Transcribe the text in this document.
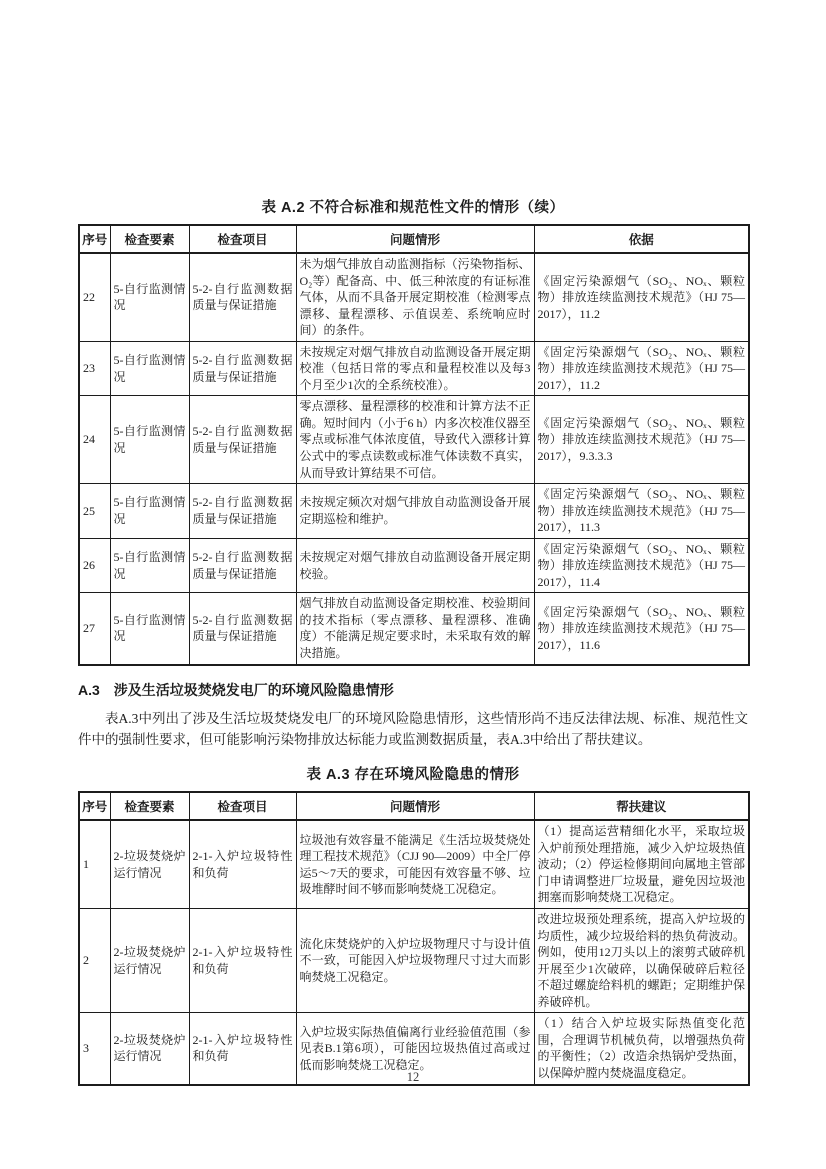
表 A.2 不符合标准和规范性文件的情形（续）
序号	检查要素	检查项目	问题情形	依据
22	5-自行监测情况	5-2-自行监测数据质量与保证措施	未为烟气排放自动监测指标（污染物指标、O₂等）配备高、中、低三种浓度的有证标准气体，从而不具备开展定期校准（检测零点漂移、量程漂移、示值误差、系统响应时间）的条件。	《固定污染源烟气（SO₂、NOₓ、颗粒物）排放连续监测技术规范》（HJ 75—2017），11.2
23	5-自行监测情况	5-2-自行监测数据质量与保证措施	未按规定对烟气排放自动监测设备开展定期校准（包括日常的零点和量程校准以及每3个月至少1次的全系统校准）。	《固定污染源烟气（SO₂、NOₓ、颗粒物）排放连续监测技术规范》（HJ 75—2017），11.2
24	5-自行监测情况	5-2-自行监测数据质量与保证措施	零点漂移、量程漂移的校准和计算方法不正确。短时间内（小于6 h）内多次校准仪器至零点或标准气体浓度值，导致代入漂移计算公式中的零点读数或标准气体读数不真实，从而导致计算结果不可信。	《固定污染源烟气（SO₂、NOₓ、颗粒物）排放连续监测技术规范》（HJ 75—2017），9.3.3.3
25	5-自行监测情况	5-2-自行监测数据质量与保证措施	未按规定频次对烟气排放自动监测设备开展定期巡检和维护。	《固定污染源烟气（SO₂、NOₓ、颗粒物）排放连续监测技术规范》（HJ 75—2017），11.3
26	5-自行监测情况	5-2-自行监测数据质量与保证措施	未按规定对烟气排放自动监测设备开展定期校验。	《固定污染源烟气（SO₂、NOₓ、颗粒物）排放连续监测技术规范》（HJ 75—2017），11.4
27	5-自行监测情况	5-2-自行监测数据质量与保证措施	烟气排放自动监测设备定期校准、校验期间的技术指标（零点漂移、量程漂移、准确度）不能满足规定要求时，未采取有效的解决措施。	《固定污染源烟气（SO₂、NOₓ、颗粒物）排放连续监测技术规范》（HJ 75—2017），11.6
A.3　涉及生活垃圾焚烧发电厂的环境风险隐患情形

表A.3中列出了涉及生活垃圾焚烧发电厂的环境风险隐患情形，这些情形尚不违反法律法规、标准、规范性文件中的强制性要求，但可能影响污染物排放达标能力或监测数据质量，表A.3中给出了帮扶建议。

表 A.3 存在环境风险隐患的情形
序号	检查要素	检查项目	问题情形	帮扶建议
1	2-垃圾焚烧炉运行情况	2-1-入炉垃圾特性和负荷	垃圾池有效容量不能满足《生活垃圾焚烧处理工程技术规范》（CJJ 90—2009）中全厂停运5～7天的要求，可能因有效容量不够、垃圾堆酵时间不够而影响焚烧工况稳定。	（1）提高运营精细化水平，采取垃圾入炉前预处理措施，减少入炉垃圾热值波动；（2）停运检修期间向属地主管部门申请调整进厂垃圾量，避免因垃圾池拥塞而影响焚烧工况稳定。
2	2-垃圾焚烧炉运行情况	2-1-入炉垃圾特性和负荷	流化床焚烧炉的入炉垃圾物理尺寸与设计值不一致，可能因入炉垃圾物理尺寸过大而影响焚烧工况稳定。	改进垃圾预处理系统，提高入炉垃圾的均质性，减少垃圾给料的热负荷波动。例如，使用12刀头以上的滚剪式破碎机开展至少1次破碎，以确保破碎后粒径不超过螺旋给料机的螺距；定期维护保养破碎机。
3	2-垃圾焚烧炉运行情况	2-1-入炉垃圾特性和负荷	入炉垃圾实际热值偏离行业经验值范围（参见表B.1第6项），可能因垃圾热值过高或过低而影响焚烧工况稳定。	（1）结合入炉垃圾实际热值变化范围，合理调节机械负荷，以增强热负荷的平衡性；（2）改造余热锅炉受热面，以保障炉膛内焚烧温度稳定。
12
